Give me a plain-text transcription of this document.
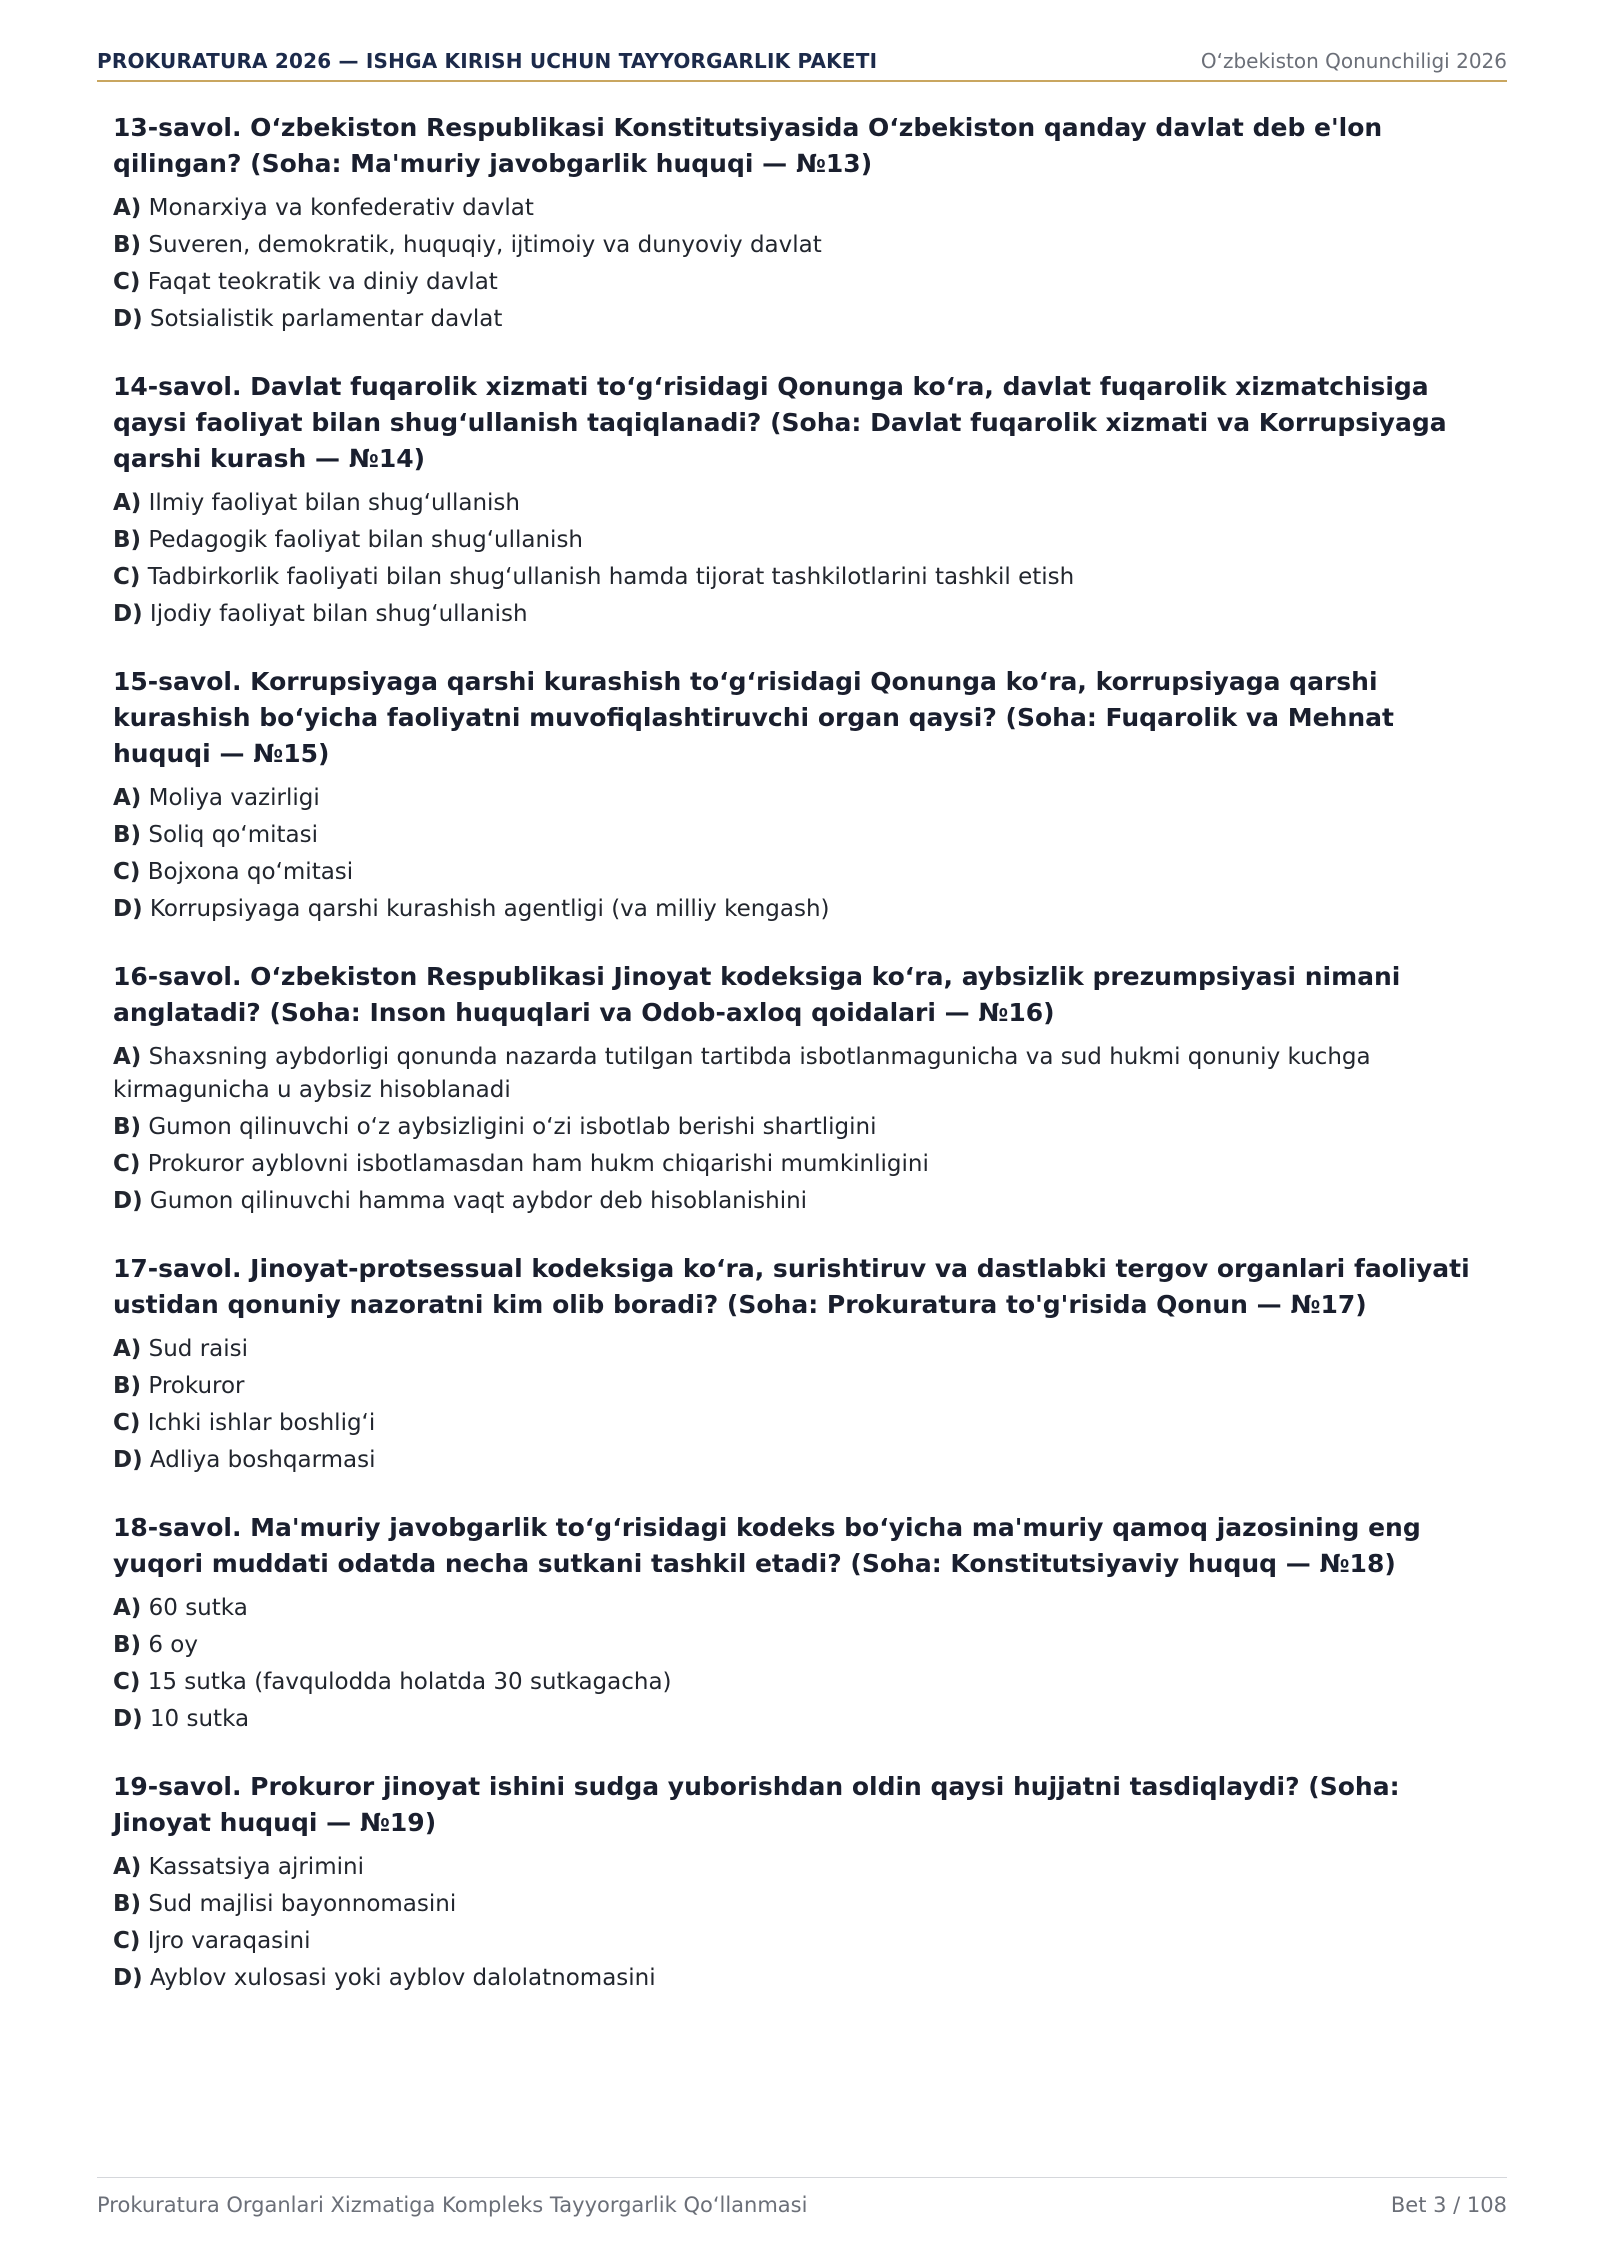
PROKURATURA 2026 — ISHGA KIRISH UCHUN TAYYORGARLIK PAKETI	O‘zbekiston Qonunchiligi 2026

13-savol. O‘zbekiston Respublikasi Konstitutsiyasida O‘zbekiston qanday davlat deb e'lon qilingan? (Soha: Ma'muriy javobgarlik huquqi — №13)

A) Monarxiya va konfederativ davlat

B) Suveren, demokratik, huquqiy, ijtimoiy va dunyoviy davlat

C) Faqat teokratik va diniy davlat

D) Sotsialistik parlamentar davlat

14-savol. Davlat fuqarolik xizmati to‘g‘risidagi Qonunga ko‘ra, davlat fuqarolik xizmatchisiga qaysi faoliyat bilan shug‘ullanish taqiqlanadi? (Soha: Davlat fuqarolik xizmati va Korrupsiyaga qarshi kurash — №14)

A) Ilmiy faoliyat bilan shug‘ullanish

B) Pedagogik faoliyat bilan shug‘ullanish

C) Tadbirkorlik faoliyati bilan shug‘ullanish hamda tijorat tashkilotlarini tashkil etish

D) Ijodiy faoliyat bilan shug‘ullanish

15-savol. Korrupsiyaga qarshi kurashish to‘g‘risidagi Qonunga ko‘ra, korrupsiyaga qarshi kurashish bo‘yicha faoliyatni muvofiqlashtiruvchi organ qaysi? (Soha: Fuqarolik va Mehnat huquqi — №15)

A) Moliya vazirligi

B) Soliq qo‘mitasi

C) Bojxona qo‘mitasi

D) Korrupsiyaga qarshi kurashish agentligi (va milliy kengash)

16-savol. O‘zbekiston Respublikasi Jinoyat kodeksiga ko‘ra, aybsizlik prezumpsiyasi nimani anglatadi? (Soha: Inson huquqlari va Odob-axloq qoidalari — №16)

A) Shaxsning aybdorligi qonunda nazarda tutilgan tartibda isbotlanmagunicha va sud hukmi qonuniy kuchga kirmagunicha u aybsiz hisoblanadi

B) Gumon qilinuvchi o‘z aybsizligini o‘zi isbotlab berishi shartligini

C) Prokuror ayblovni isbotlamasdan ham hukm chiqarishi mumkinligini

D) Gumon qilinuvchi hamma vaqt aybdor deb hisoblanishini

17-savol. Jinoyat-protsessual kodeksiga ko‘ra, surishtiruv va dastlabki tergov organlari faoliyati ustidan qonuniy nazoratni kim olib boradi? (Soha: Prokuratura to'g'risida Qonun — №17)

A) Sud raisi

B) Prokuror

C) Ichki ishlar boshlig‘i

D) Adliya boshqarmasi

18-savol. Ma'muriy javobgarlik to‘g‘risidagi kodeks bo‘yicha ma'muriy qamoq jazosining eng yuqori muddati odatda necha sutkani tashkil etadi? (Soha: Konstitutsiyaviy huquq — №18)

A) 60 sutka

B) 6 oy

C) 15 sutka (favqulodda holatda 30 sutkagacha)

D) 10 sutka

19-savol. Prokuror jinoyat ishini sudga yuborishdan oldin qaysi hujjatni tasdiqlaydi? (Soha: Jinoyat huquqi — №19)

A) Kassatsiya ajrimini

B) Sud majlisi bayonnomasini

C) Ijro varaqasini

D) Ayblov xulosasi yoki ayblov dalolatnomasini

Prokuratura Organlari Xizmatiga Kompleks Tayyorgarlik Qo‘llanmasi	Bet 3 / 108
